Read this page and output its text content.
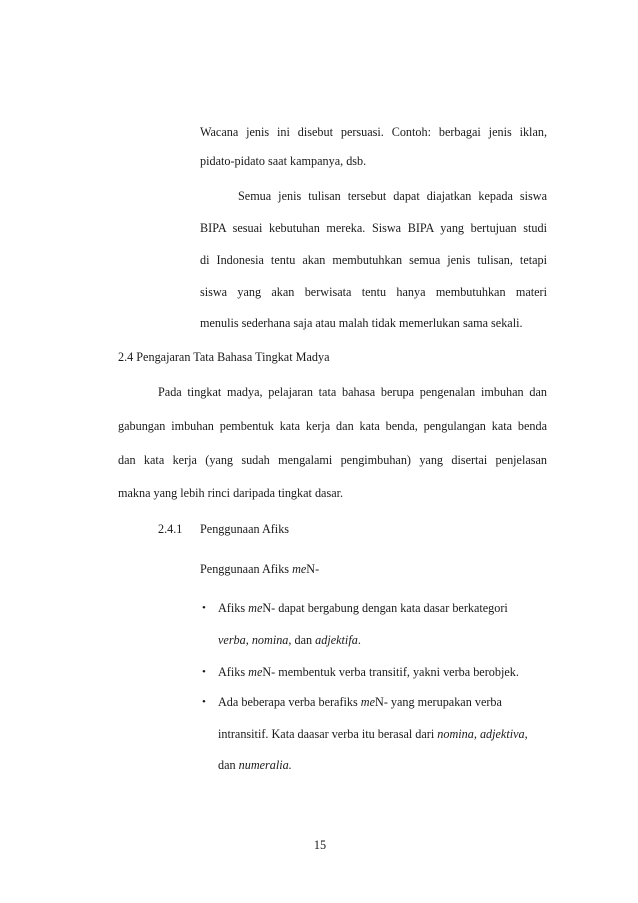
Wacana jenis ini disebut persuasi. Contoh: berbagai jenis iklan,
pidato-pidato saat kampanya, dsb.
Semua jenis tulisan tersebut dapat diajatkan kepada siswa
BIPA sesuai kebutuhan mereka. Siswa BIPA yang bertujuan studi
di Indonesia tentu akan membutuhkan semua jenis tulisan, tetapi
siswa yang akan berwisata tentu hanya membutuhkan materi
menulis sederhana saja atau malah tidak memerlukan sama sekali.
2.4 Pengajaran Tata Bahasa Tingkat Madya
Pada tingkat madya, pelajaran tata bahasa berupa pengenalan imbuhan dan
gabungan imbuhan pembentuk kata kerja dan kata benda, pengulangan kata benda
dan kata kerja (yang sudah mengalami pengimbuhan) yang disertai penjelasan
makna yang lebih rinci daripada tingkat dasar.
2.4.1 Penggunaan Afiks
Penggunaan Afiks meN-
• Afiks meN- dapat bergabung dengan kata dasar berkategori
verba, nomina, dan adjektifa.
• Afiks meN- membentuk verba transitif, yakni verba berobjek.
• Ada beberapa verba berafiks meN- yang merupakan verba
intransitif. Kata daasar verba itu berasal dari nomina, adjektiva,
dan numeralia.
15
